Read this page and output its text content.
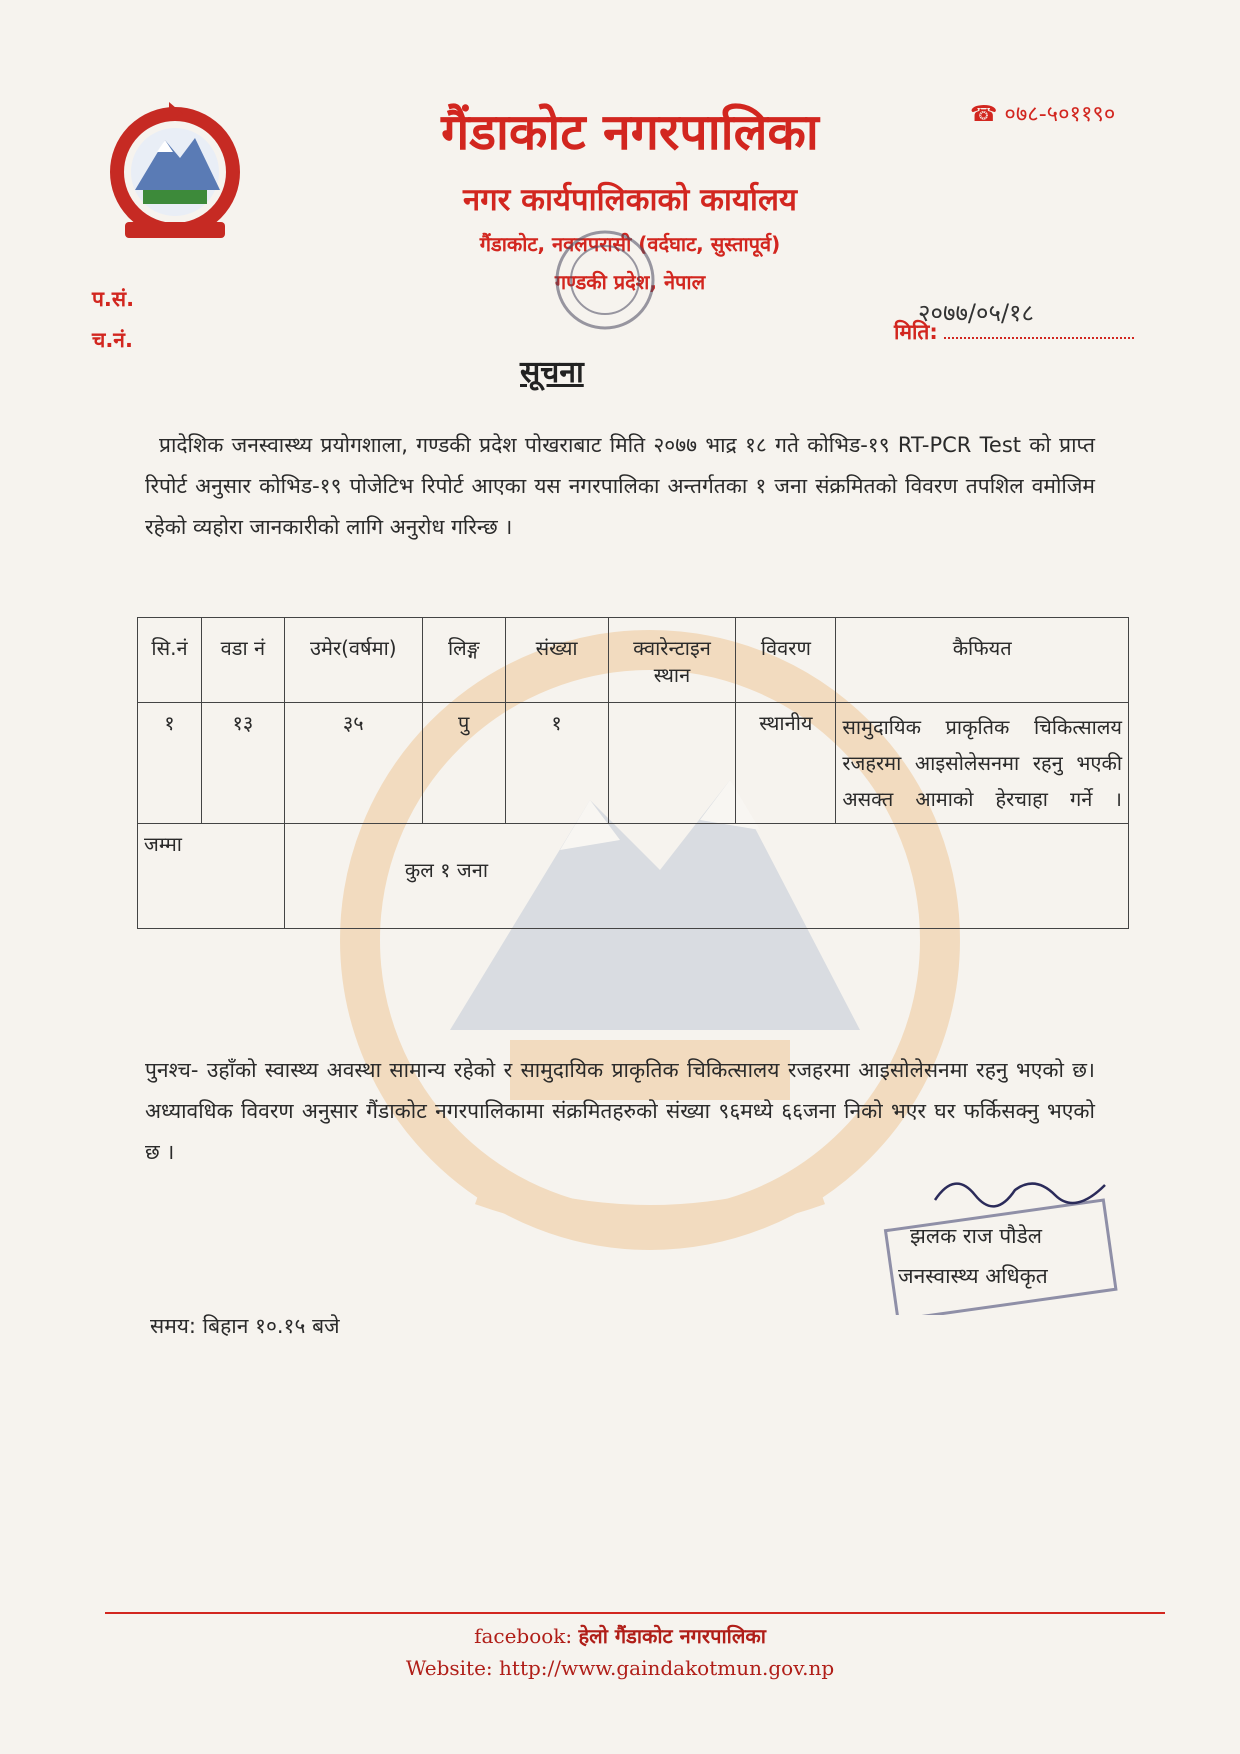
गैंडाकोट नगरपालिका
नगर कार्यपालिकाको कार्यालय
गैंडाकोट, नवलपरासी (वर्दघाट, सुस्तापूर्व)
गण्डकी प्रदेश, नेपाल
☎ ०७८-५०११९०
प.सं.
च.नं.
२०७७/०५/१८
मिति:
सूचना
प्रादेशिक जनस्वास्थ्य प्रयोगशाला, गण्डकी प्रदेश पोखराबाट मिति २०७७ भाद्र १८ गते कोभिड-१९ RT-PCR Test को प्राप्त रिपोर्ट अनुसार कोभिड-१९ पोजेटिभ रिपोर्ट आएका यस नगरपालिका अन्तर्गतका १ जना संक्रमितको विवरण तपशिल वमोजिम रहेको व्यहोरा जानकारीको लागि अनुरोध गरिन्छ ।
सि.नं	वडा नं	उमेर(वर्षमा)	लिङ्ग	संख्या	क्वारेन्टाइन स्थान	विवरण	कैफियत
१	१३	३५	पु	१		स्थानीय	सामुदायिक प्राकृतिक चिकित्सालय रजहरमा आइसोलेसनमा रहनु भएकी असक्त आमाको हेरचाहा गर्ने ।
जम्मा		कुल १ जना					
पुनश्च- उहाँको स्वास्थ्य अवस्था सामान्य रहेको र सामुदायिक प्राकृतिक चिकित्सालय रजहरमा आइसोलेसनमा रहनु भएको छ। अध्यावधिक विवरण अनुसार गैंडाकोट नगरपालिकामा संक्रमितहरुको संख्या ९६मध्ये ६६जना निको भएर घर फर्किसक्नु भएको छ ।
झलक राज पौडेल
जनस्वास्थ्य अधिकृत
समय: बिहान १०.१५ बजे
facebook: हेलो गैंडाकोट नगरपालिका
Website: http://www.gaindakotmun.gov.np
